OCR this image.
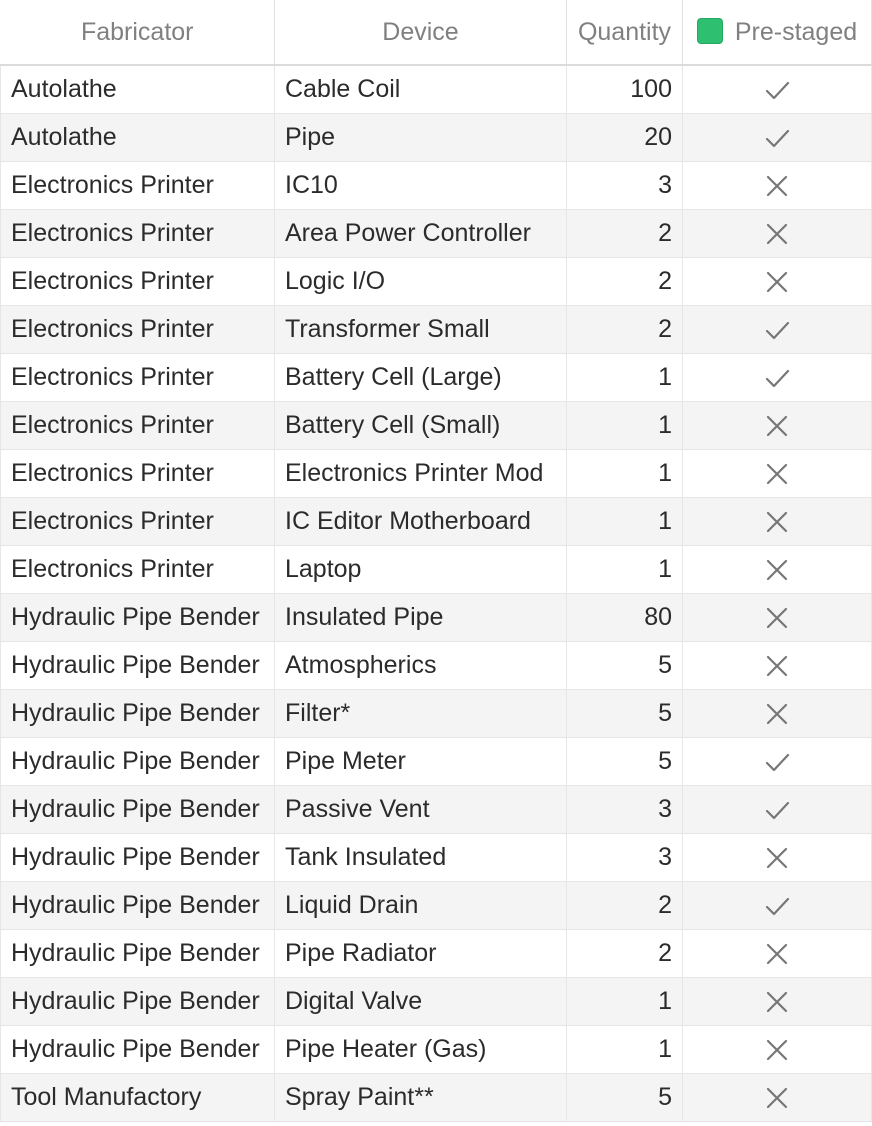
Fabricator	Device	Quantity	Pre-staged
Autolathe	Cable Coil	100	

Autolathe	Pipe	20	

Electronics Printer	IC10	3	

Electronics Printer	Area Power Controller	2	

Electronics Printer	Logic I/O	2	

Electronics Printer	Transformer Small	2	

Electronics Printer	Battery Cell (Large)	1	

Electronics Printer	Battery Cell (Small)	1	

Electronics Printer	Electronics Printer Mod	1	

Electronics Printer	IC Editor Motherboard	1	

Electronics Printer	Laptop	1	

Hydraulic Pipe Bender	Insulated Pipe	80	

Hydraulic Pipe Bender	Atmospherics	5	

Hydraulic Pipe Bender	Filter*	5	

Hydraulic Pipe Bender	Pipe Meter	5	

Hydraulic Pipe Bender	Passive Vent	3	

Hydraulic Pipe Bender	Tank Insulated	3	

Hydraulic Pipe Bender	Liquid Drain	2	

Hydraulic Pipe Bender	Pipe Radiator	2	

Hydraulic Pipe Bender	Digital Valve	1	

Hydraulic Pipe Bender	Pipe Heater (Gas)	1	

Tool Manufactory	Spray Paint**	5	
